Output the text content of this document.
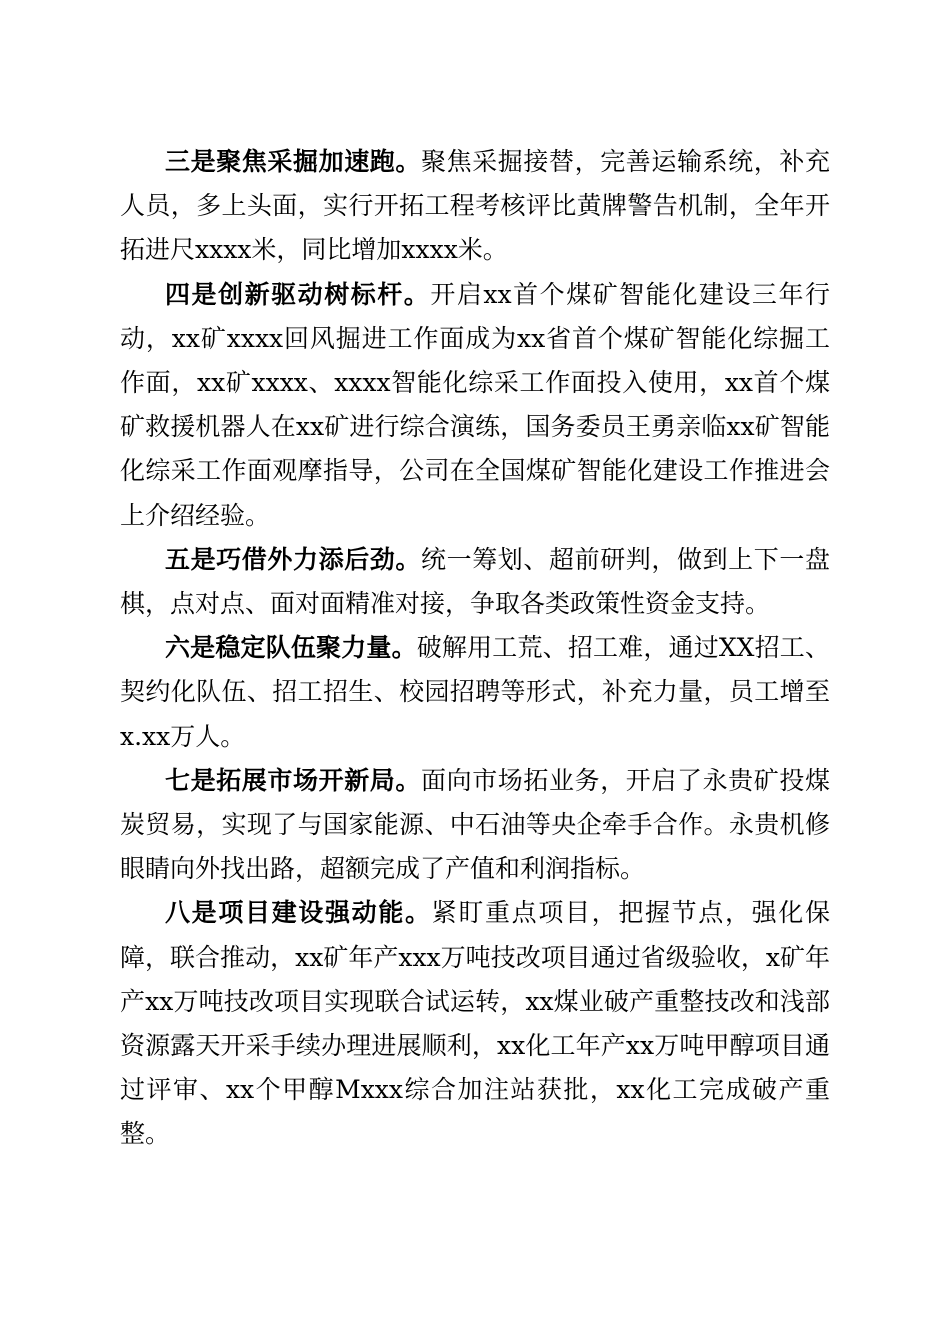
三是聚焦采掘加速跑。聚焦采掘接替，完善运输系统，补充人员，多上头面，实行开拓工程考核评比黄牌警告机制，全年开拓进尺xxxx米，同比增加xxxx米。

四是创新驱动树标杆。开启xx首个煤矿智能化建设三年行动，xx矿xxxx回风掘进工作面成为xx省首个煤矿智能化综掘工作面，xx矿xxxx、xxxx智能化综采工作面投入使用，xx首个煤矿救援机器人在xx矿进行综合演练，国务委员王勇亲临xx矿智能化综采工作面观摩指导，公司在全国煤矿智能化建设工作推进会上介绍经验。

五是巧借外力添后劲。统一筹划、超前研判，做到上下一盘棋，点对点、面对面精准对接，争取各类政策性资金支持。

六是稳定队伍聚力量。破解用工荒、招工难，通过XX招工、契约化队伍、招工招生、校园招聘等形式，补充力量，员工增至x.xx万人。

七是拓展市场开新局。面向市场拓业务，开启了永贵矿投煤炭贸易，实现了与国家能源、中石油等央企牵手合作。永贵机修眼睛向外找出路，超额完成了产值和利润指标。

八是项目建设强动能。紧盯重点项目，把握节点，强化保障，联合推动，xx矿年产xxx万吨技改项目通过省级验收，x矿年产xx万吨技改项目实现联合试运转，xx煤业破产重整技改和浅部资源露天开采手续办理进展顺利，xx化工年产xx万吨甲醇项目通过评审、xx个甲醇Mxxx综合加注站获批，xx化工完成破产重整。
